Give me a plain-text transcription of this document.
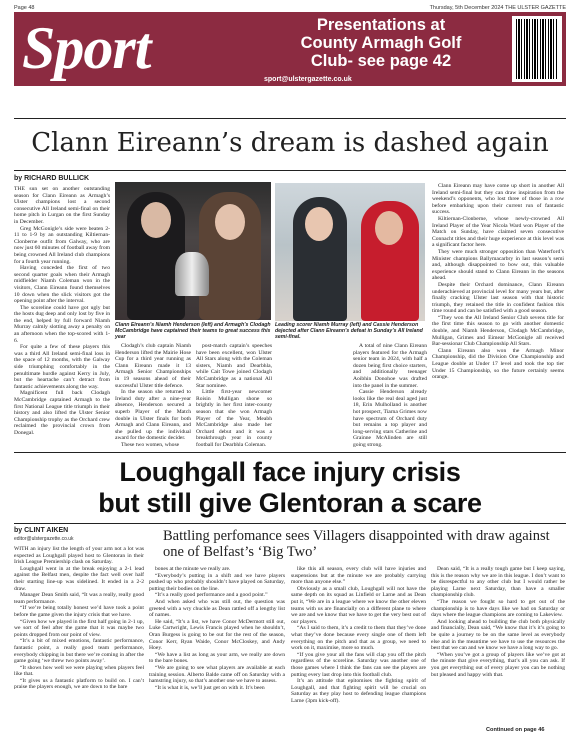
Page 48	Thursday, 5th December 2024 THE ULSTER GAZETTE
Sport	Presentations at
County Armagh Golf
Club- see page 42
sport@ulstergazette.co.uk
Clann Eireann’s dream is dashed again
by RICHARD BULLICK

THE sun set on another outstanding season for Clann Eireann as Armagh’s Ulster champions lost a second consecutive All Ireland semi-final on their home pitch in Lurgan on the first Sunday in December.

Greg McGonigle’s side were beaten 2-11 to 1-9 by an outstanding Kiltiernan-Clonberne outfit from Galway, who are now just 60 minutes of football away from being crowned All Ireland club champions for a fourth year running.

Having conceded the first of two second quarter goals when their Armagh midfielder Niamh Coleman won in the visitors, Clann Eireann found themselves 10 down when the slick visitors got the opening point after the interval.

The scoreline could have got ugly but the hosts dug deep and only lost by five in the end, helped by full forward Niamh Murray calmly slotting away a penalty on an afternoon when the top-scored with 1-6.

For quite a few of these players this was a third All Ireland semi-final loss in the space of 12 months, with the Galway side triumphing comfortably in the penultimate hurdle against Kerry in July, but the heartache can’t detract from fantastic achievements along the way.

Magnificent full back Clodagh McCambridge captained Armagh to the first National League title triumph in their history and also lifted the Ulster Senior Championship trophy as the Orchard crew reclaimed the provincial crown from Donegal.

Clann Eireann’s Niamh Henderson (left) and Armagh’s Clodagh McCambridge have captained their teams to great success this year
Leading scorer Niamh Murray (left) and Cassie Henderson dejected after Clann Eireann’s defeat in Sunday’s All Ireland semi-final.

Clodagh’s club captain Niamh Henderson lifted the Mairie Hose Cup for a third year running as Clann Eireann made it 13 Armagh Senior Championships in 19 seasons ahead of their successful Ulster title defence.

In the season she returned to Ireland duty after a nine-year absence, Henderson secured a superb Player of the Match double in Ulster finals for both Armagh and Clann Eireann, and she pulled up the individual award for the domestic decider.

These two women, whose

post-match captain’s speeches have been excellent, won Ulster All Stars along with the Coleman sisters, Niamh and Dearbhla, while Cait Towe joined Clodagh McCambridge as a national All Star nominee.

Little first-year newcomer Roisin Mulligan shone so brightly in her first inter-county season that she won Armagh Player of the Year, Meabh McCambridge also made her Orchard debut and it was a breakthrough year in county football for Dearbhla Coleman.

A total of nine Clann Eireann players featured for the Armagh senior team in 2024, with half a dozen being first choice starters, and additionally teenager Aoibhin Donohoe was drafted into the panel in the summer.

Cassie Henderson already looks like the real deal aged just 18, Erin Mulholland is another hot prospect, Tiarna Grimes now have spectrum of Orchard duty but remains a top player and long-serving stars Catherine and Grainne McAlinden are still going strong.

Clann Eireann may have come up short in another All Ireland semi-final but they can draw inspiration from the weekend’s opponents, who lost three of those in a row before embarking upon their current run of fantastic success.

Kiltiernan-Clonberne, whose newly-crowned All Ireland Player of the Year Nicola Ward won Player of the Match on Sunday, have claimed seven consecutive Connacht titles and their huge experience at this level was a significant factor here.

They were much stronger opposition than Waterford’s Minister champions Ballymacarbry in last season’s semi and, although disappointed to bow out, this valuable experience should stand to Clann Eireann in the seasons ahead.

Despite their Orchard dominance, Clann Eireann underachieved at provincial level for many years but, after finally cracking Ulster last season with that historic triumph, they retained the title in confident fashion this time round and can be satisfied with a good season.

“They won the All Ireland Senior Club sevens title for the first time this season to go with another domestic double, and Niamh Henderson, Clodagh McCambridge, Mulligan, Grimes and Eimear McGonigle all received Bar-sessionar Club Championship All Stars.

Clann Eireann also won the Armagh Minor Championship, did the Division One Championship and League double at Under 17 level and took the top tier Under 15 Championship, so the future certainly seems orange.

Loughgall face injury crisis
but still give Glentoran a scare
by CLINT AIKEN
editor@ulstergazette.co.uk	Battling perfomance sees Villagers disappointed with draw against one of Belfast’s ‘Big Two’

WITH an injury list the length of your arm not a lot was expected as Loughgall played host to Glentoran in their Irish League Premiership clash on Saturday.

Loughgall went in at the break enjoying a 2-1 lead against the Belfast men, despite the fact well over half their starting line-up was sidelined. It ended in a 2-2 draw.

Manager Dean Smith said, “It was a really, really good team performance.

“If we’re being totally honest we’d have took a point before the game given the injury crisis that we have.

“Given how we played in the first half going in 2-1 up, we sort of feel after the game that it was maybe two points dropped from our point of view.

“It’s a bit of mixed emotions, fantastic performance, fantastic point, a really good team performance, everybody chipping in but there we’re coming in after the game going ‘we threw two points away’.

“It shows how well we were playing when players feel like that.

“It gives us a fantastic platform to build on. I can’t praise the players enough, we are down to the bare

bones at the minute we really are.

“Everybody’s putting in a shift and we have players pushed up who probably shouldn’t have played on Saturday, putting their bodies on the line.

“It’s a really good performance and a good point.”

And when asked who was still out, the question was greeted with a wry chuckle as Dean rattled off a lengthy list of names.

He said, “It’s a list, we have Conor McDermott still out, Luke Cartwright, Lewis Francis played when he shouldn’t, Oran Burgess is going to be out for the rest of the season, Conor Kerr, Ryan Waide, Conor McCloskey, and Andy Hoey.

“We have a list as long as your arm, we really are down to the bare bones.

“We are going to see what players are available at each training session. Alberto Balde came off on Saturday with a hamstring injury, so that’s another one we have to assess.

“It is what it is, we’ll just get on with it. It’s been

like this all season, every club will have injuries and suspensions but at the minute we are probably carrying more than anyone else.”

Obviously as a small club, Loughgall will not have the same depth on its squad as Linfield or Larne and as Dean put it, “We are in a league where we know the other eleven teams with us are financially on a different plane to where we are and we know that we have to get the very best out of our players.

“As I said to them, it’s a credit to them that they’ve done what they’ve done because every single one of them left everything on the pitch and that as a group, we need to work on it, maximise, more so much.

“If you give your all the fans will clap you off the pitch regardless of the scoreline. Saturday was another one of those games where I think the fans can see the players are putting every last drop into this football club.

It’s an attitude that epitomises the fighting spirit of Loughgall, and that fighting spirit will be crucial on Saturday as they play host to defending league champions Larne (3pm kick-off).

Dean said, “It is a really tough game but I keep saying, this is the reason why we are in this league. I don’t want to be disrespectful to any other club but I would rather be playing Larne next Saturday, than have a smaller championship club.

“The reason we fought so hard to get out of the championship is to have days like we had on Saturday or days where the league champions are coming to Lakeview.

And looking ahead to building the club both physically and financially, Dean said, “We know that it’s it’s going to be quite a journey to be on the same level as everybody else and in the meantime we have to use the resources the best that we can and we know we have a long way to go.

“When you’ve got a group of players like we’ve got at the minute that give everything, that’s all you can ask. If you get everything out of every player you can be nothing but pleased and happy with that.

Continued on page 46
